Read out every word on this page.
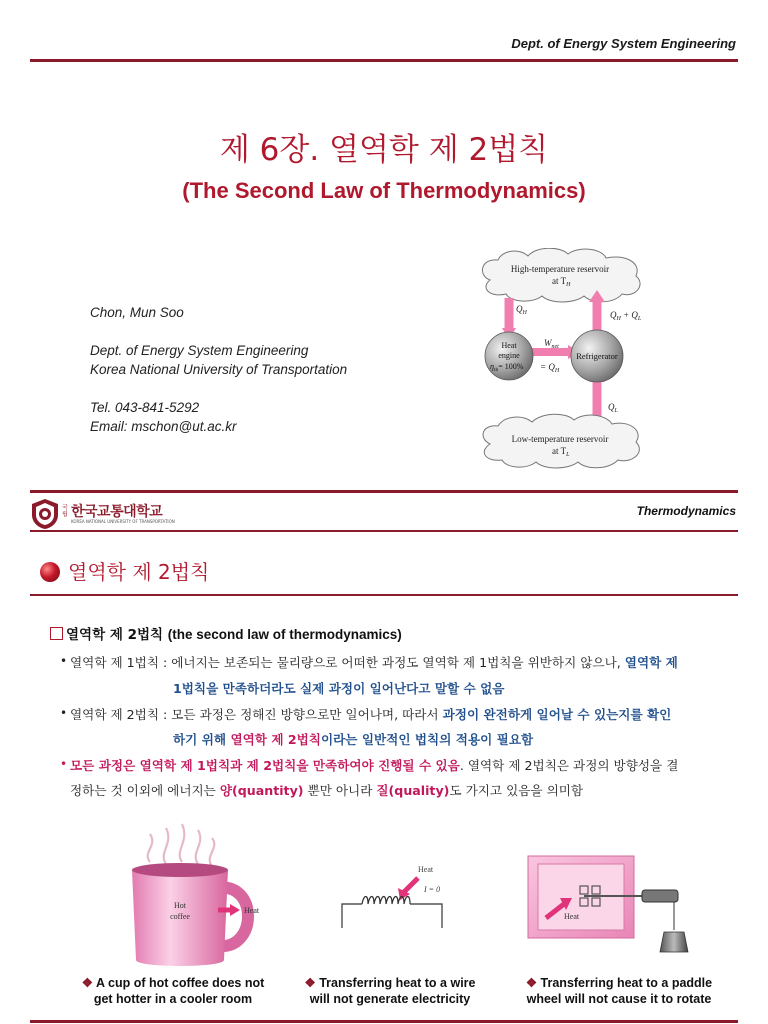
Dept. of Energy System Engineering
제 6장. 열역학 제 2법칙
(The Second Law of Thermodynamics)
Chon, Mun Soo
Dept. of Energy System Engineering
Korea National University of Transportation
Tel. 043-841-5292
Email: mschon@ut.ac.kr
High-temperature reservoir
at $T_H$
$Q_H$
$W_{net}$
= $Q_H$
$Q_H + Q_L$
$Q_L$
Heat
engine
$\eta_{th}= 100\%$
Refrigerator
Low-temperature reservoir
at $T_L$
국립 한국교통대학교
KOREA NATIONAL UNIVERSITY OF TRANSPORTATION
Thermodynamics
열역학 제 2법칙
열역학 제 2법칙 (the second law of thermodynamics)
• 열역학 제 1법칙 : 에너지는 보존되는 물리량으로 어떠한 과정도 열역학 제 1법칙을 위반하지 않으나, 열역학 제
1법칙을 만족하더라도 실제 과정이 일어난다고 말할 수 없음
• 열역학 제 2법칙 : 모든 과정은 정해진 방향으로만 일어나며, 따라서 과정이 완전하게 일어날 수 있는지를 확인
하기 위해 열역학 제 2법칙이라는 일반적인 법칙의 적용이 필요함
• 모든 과정은 열역학 제 1법칙과 제 2법칙을 만족하여야 진행될 수 있음. 열역학 제 2법칙은 과정의 방향성을 결
정하는 것 이외에 에너지는 양(quantity) 뿐만 아니라 질(quality)도 가지고 있음을 의미함
Hot
coffee
Heat
Heat
I = 0
Heat
❖ A cup of hot coffee does not
get hotter in a cooler room
❖ Transferring heat to a wire
will not generate electricity
❖ Transferring heat to a paddle
wheel will not cause it to rotate
